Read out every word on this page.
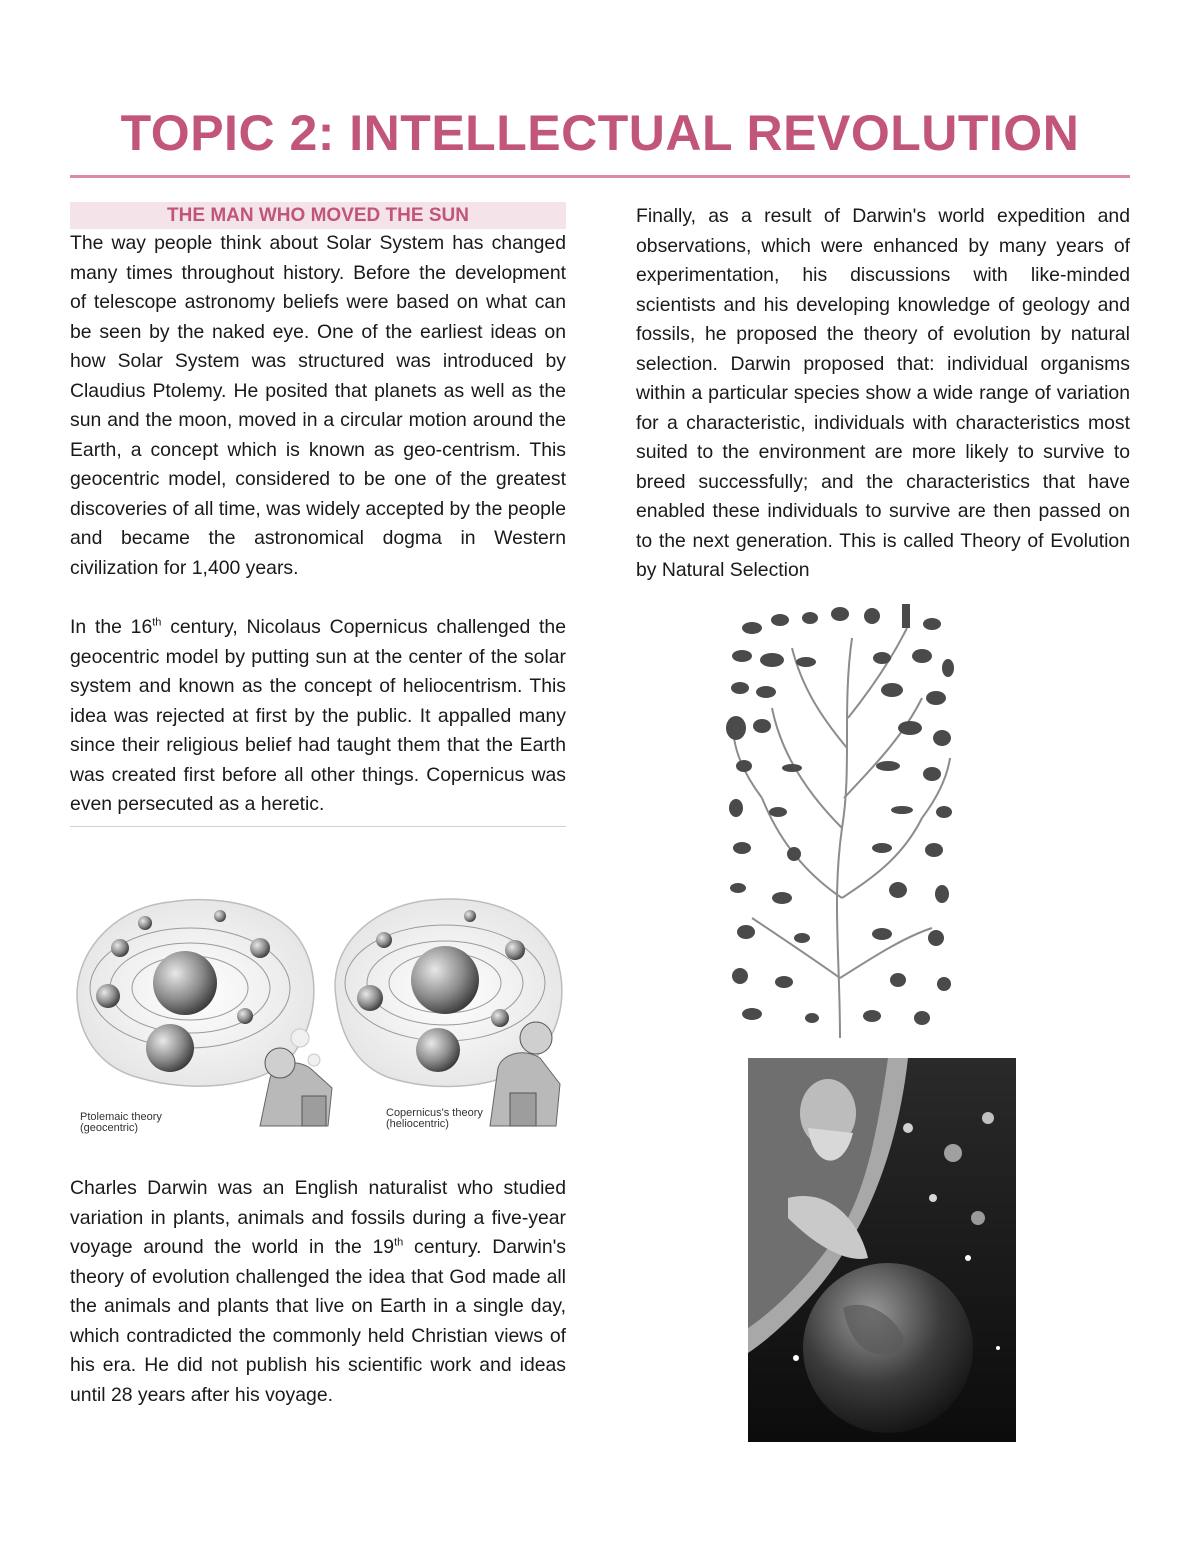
TOPIC 2: INTELLECTUAL REVOLUTION
THE MAN WHO MOVED THE SUN

The way people think about Solar System has changed many times throughout history. Before the development of telescope astronomy beliefs were based on what can be seen by the naked eye. One of the earliest ideas on how Solar System was structured was introduced by Claudius Ptolemy. He posited that planets as well as the sun and the moon, moved in a circular motion around the Earth, a concept which is known as geo-centrism. This geocentric model, considered to be one of the greatest discoveries of all time, was widely accepted by the people and became the astronomical dogma in Western civilization for 1,400 years.

In the 16th century, Nicolaus Copernicus challenged the geocentric model by putting sun at the center of the solar system and known as the concept of heliocentrism. This idea was rejected at first by the public. It appalled many since their religious belief had taught them that the Earth was created first before all other things. Copernicus was even persecuted as a heretic.

Ptolemaic theory
(geocentric)
Copernicus's theory
(heliocentric)

Charles Darwin was an English naturalist who studied variation in plants, animals and fossils during a five-year voyage around the world in the 19th century. Darwin's theory of evolution challenged the idea that God made all the animals and plants that live on Earth in a single day, which contradicted the commonly held Christian views of his era. He did not publish his scientific work and ideas until 28 years after his voyage.

Finally, as a result of Darwin's world expedition and observations, which were enhanced by many years of experimentation, his discussions with like-minded scientists and his developing knowledge of geology and fossils, he proposed the theory of evolution by natural selection. Darwin proposed that: individual organisms within a particular species show a wide range of variation for a characteristic, individuals with characteristics most suited to the environment are more likely to survive to breed successfully; and the characteristics that have enabled these individuals to survive are then passed on to the next generation. This is called Theory of Evolution by Natural Selection
